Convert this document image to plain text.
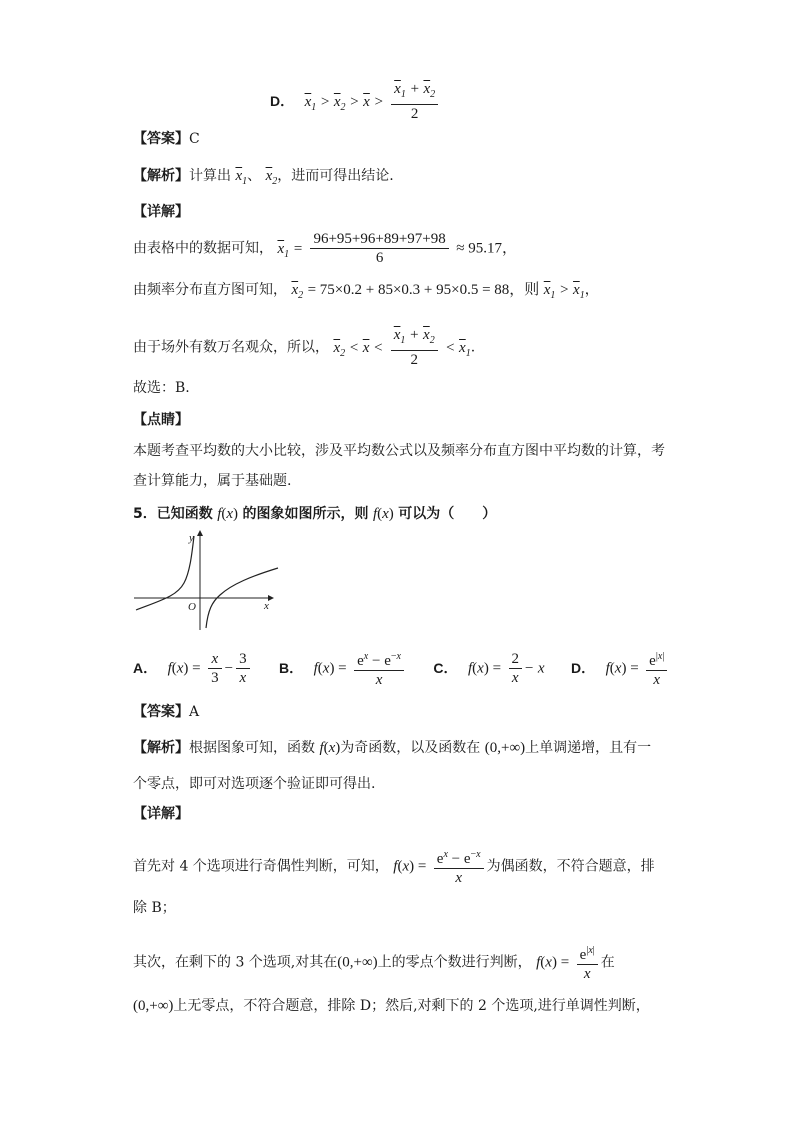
D． $\overline{x}_1 > \overline{x}_2 > \overline{x} > \frac{\overline{x}_1 + \overline{x}_2}{2}$
【答案】C
【解析】计算出 $\overline{x}_1$、 $\overline{x}_2$，进而可得出结论.
【详解】
由表格中的数据可知， $\overline{x}_1 = \frac{96+95+96+89+97+98}{6} \approx 95.17$，
由频率分布直方图可知， $\overline{x}_2 = 75\times 0.2 + 85\times 0.3 + 95\times 0.5 = 88$，则 $\overline{x}_1 > \overline{x}_1$，
由于场外有数万名观众，所以， $\overline{x}_2 < \overline{x} < \frac{\overline{x}_1 + \overline{x}_2}{2} < \overline{x}_1$.
故选：B.
【点睛】
本题考查平均数的大小比较，涉及平均数公式以及频率分布直方图中平均数的计算，考
查计算能力，属于基础题.
5．已知函数 f(x) 的图象如图所示，则 f(x) 可以为（　　）
y
x
O
A． $f(x) = \frac{x}{3} - \frac{3}{x}$ B． $f(x) = \frac{e^x - e^{-x}}{x}$ C． $f(x) = \frac{2}{x} - x$ D． $f(x) = \frac{e^{|x|}}{x}$
【答案】A
【解析】根据图象可知，函数 f(x)为奇函数，以及函数在 (0,+∞)上单调递增，且有一
个零点，即可对选项逐个验证即可得出.
【详解】
首先对 4 个选项进行奇偶性判断，可知， $f(x) = \frac{e^x - e^{-x}}{x}$ 为偶函数，不符合题意，排
除 B；
其次，在剩下的 3 个选项,对其在(0,+∞)上的零点个数进行判断， $f(x) = \frac{e^{|x|}}{x}$ 在
(0,+∞)上无零点，不符合题意，排除 D；然后,对剩下的 2 个选项,进行单调性判断，
